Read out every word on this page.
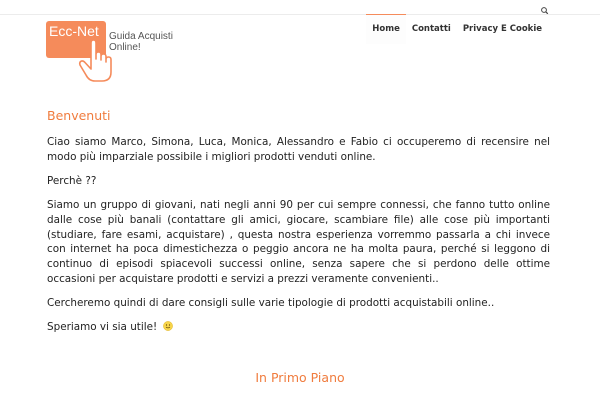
Ecc-Net Guida Acquisti Online!
Home	Contatti	Privacy E Cookie
Benvenuti

Ciao siamo Marco, Simona, Luca, Monica, Alessandro e Fabio ci occuperemo di recensire nel modo più imparziale possibile i migliori prodotti venduti online.

Perchè ??

Siamo un gruppo di giovani, nati negli anni 90 per cui sempre connessi, che fanno tutto online dalle cose più banali (contattare gli amici, giocare, scambiare file) alle cose più importanti (studiare, fare esami, acquistare) , questa nostra esperienza vorremmo passarla a chi invece con internet ha poca dimestichezza o peggio ancora ne ha molta paura, perché si leggono di continuo di episodi spiacevoli successi online, senza sapere che si perdono delle ottime occasioni per acquistare prodotti e servizi a prezzi veramente convenienti..

Cercheremo quindi di dare consigli sulle varie tipologie di prodotti acquistabili online..

Speriamo vi sia utile!

In Primo Piano
